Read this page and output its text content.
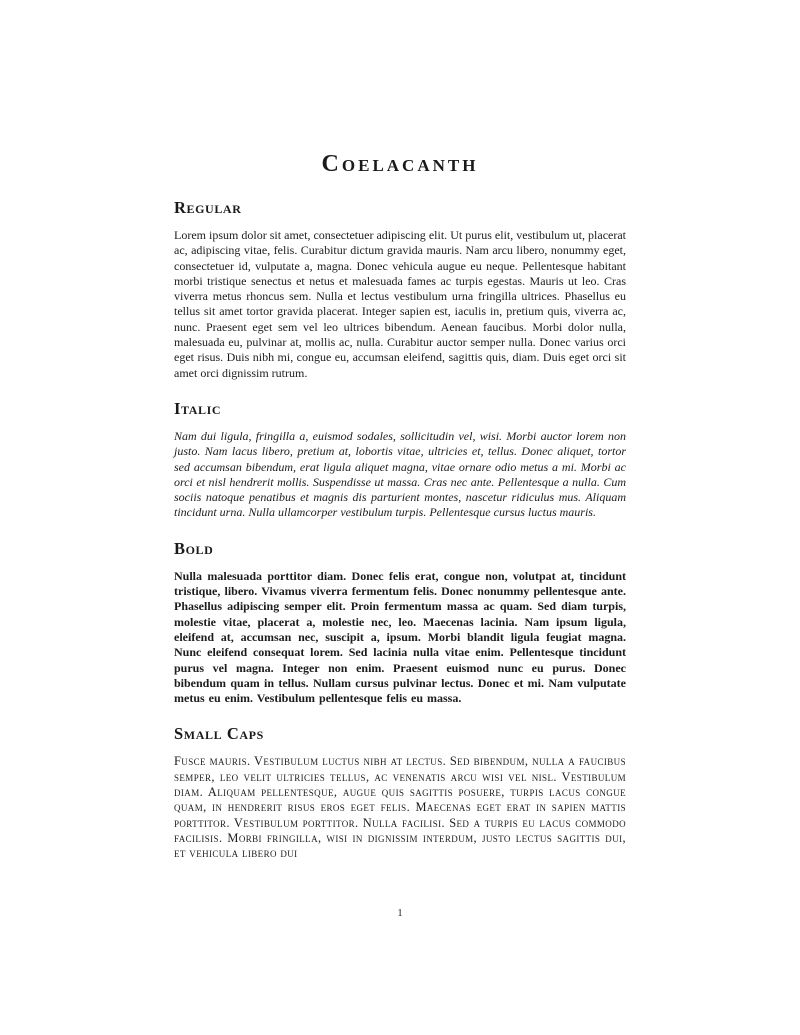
Coelacanth
Regular

Lorem ipsum dolor sit amet, consectetuer adipiscing elit. Ut purus elit, vestibulum ut, placerat ac, adipiscing vitae, felis. Curabitur dictum gravida mauris. Nam arcu libero, nonummy eget, consectetuer id, vulputate a, magna. Donec vehicula augue eu neque. Pellentesque habitant morbi tristique senectus et netus et malesuada fames ac turpis egestas. Mauris ut leo. Cras viverra metus rhoncus sem. Nulla et lectus vestibulum urna fringilla ultrices. Phasellus eu tellus sit amet tortor gravida placerat. Integer sapien est, iaculis in, pretium quis, viverra ac, nunc. Praesent eget sem vel leo ultrices bibendum. Aenean faucibus. Morbi dolor nulla, malesuada eu, pulvinar at, mollis ac, nulla. Curabitur auctor semper nulla. Donec varius orci eget risus. Duis nibh mi, congue eu, accumsan eleifend, sagittis quis, diam. Duis eget orci sit amet orci dignissim rutrum.

Italic

Nam dui ligula, fringilla a, euismod sodales, sollicitudin vel, wisi. Morbi auctor lorem non justo. Nam lacus libero, pretium at, lobortis vitae, ultricies et, tellus. Donec aliquet, tortor sed accumsan bibendum, erat ligula aliquet magna, vitae ornare odio metus a mi. Morbi ac orci et nisl hendrerit mollis. Suspendisse ut massa. Cras nec ante. Pellentesque a nulla. Cum sociis natoque penatibus et magnis dis parturient montes, nascetur ridiculus mus. Aliquam tincidunt urna. Nulla ullamcorper vestibulum turpis. Pellentesque cursus luctus mauris.

Bold

Nulla malesuada porttitor diam. Donec felis erat, congue non, volutpat at, tincidunt tristique, libero. Vivamus viverra fermentum felis. Donec nonummy pellentesque ante. Phasellus adipiscing semper elit. Proin fermentum massa ac quam. Sed diam turpis, molestie vitae, placerat a, molestie nec, leo. Maecenas lacinia. Nam ipsum ligula, eleifend at, accumsan nec, suscipit a, ipsum. Morbi blandit ligula feugiat magna. Nunc eleifend consequat lorem. Sed lacinia nulla vitae enim. Pellentesque tincidunt purus vel magna. Integer non enim. Praesent euismod nunc eu purus. Donec bibendum quam in tellus. Nullam cursus pulvinar lectus. Donec et mi. Nam vulputate metus eu enim. Vestibulum pellentesque felis eu massa.

Small Caps

Fusce mauris. Vestibulum luctus nibh at lectus. Sed bibendum, nulla a faucibus semper, leo velit ultricies tellus, ac venenatis arcu wisi vel nisl. Vestibulum diam. Aliquam pellentesque, augue quis sagittis posuere, turpis lacus congue quam, in hendrerit risus eros eget felis. Maecenas eget erat in sapien mattis porttitor. Vestibulum porttitor. Nulla facilisi. Sed a turpis eu lacus commodo facilisis. Morbi fringilla, wisi in dignissim interdum, justo lectus sagittis dui, et vehicula libero dui

1
